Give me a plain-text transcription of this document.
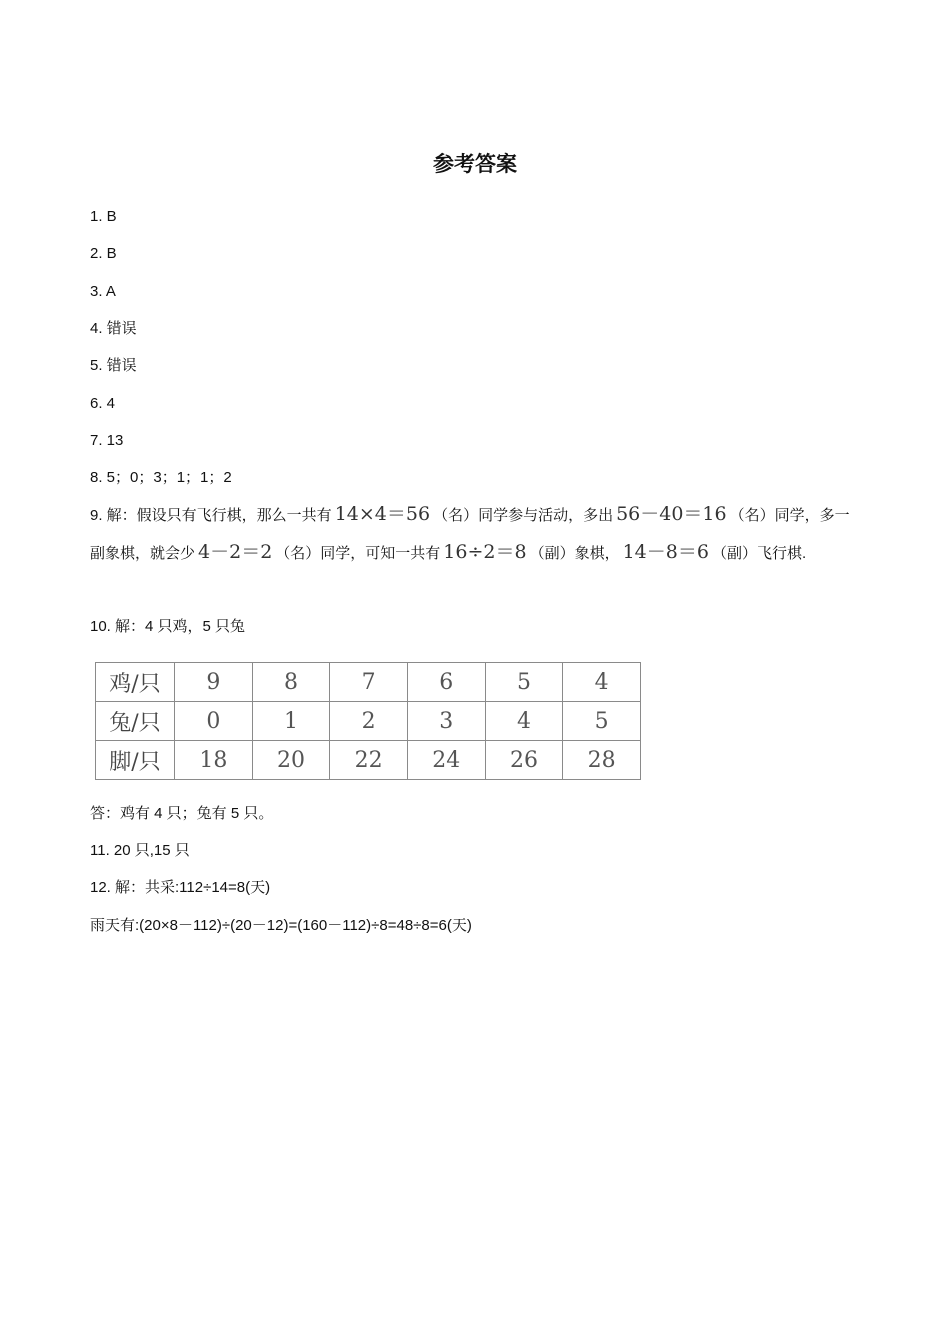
参考答案
1. B
2. B
3. A
4. 错误
5. 错误
6. 4
7. 13
8. 5；0；3；1；1；2
9. 解：假设只有飞行棋，那么一共有 14×4＝56 （名）同学参与活动，多出 56－40＝16 （名）同学，多一副象棋，就会少 4－2＝2 （名）同学，可知一共有 16÷2＝8 （副）象棋， 14－8＝6 （副）飞行棋.
10. 解：4 只鸡，5 只兔
鸡/只	9	8	7	6	5	4
兔/只	0	1	2	3	4	5
脚/只	18	20	22	24	26	28
答：鸡有 4 只；兔有 5 只。
11. 20 只,15 只
12. 解：共采:112÷14=8(天)
雨天有:(20×8－112)÷(20－12)=(160－112)÷8=48÷8=6(天)
